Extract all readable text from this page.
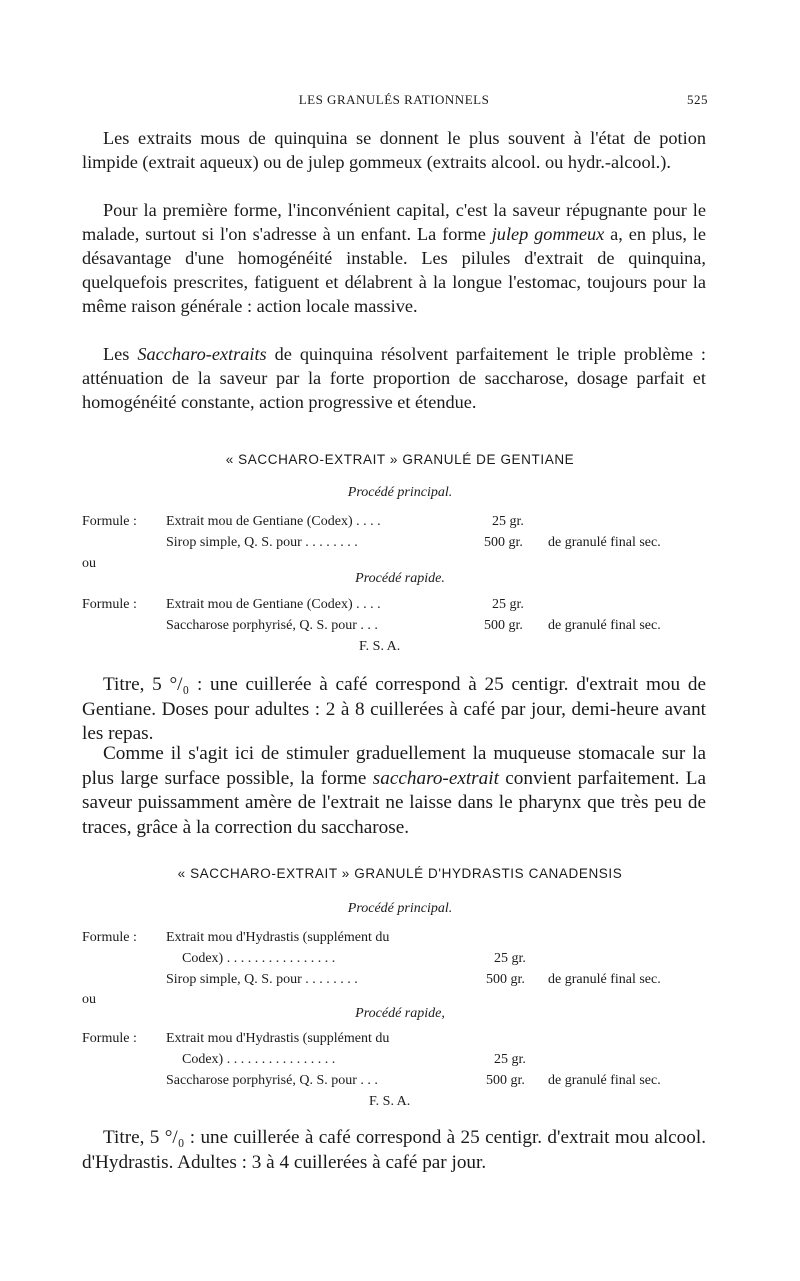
LES GRANULÉS RATIONNELS	525

Les extraits mous de quinquina se donnent le plus souvent à l'état de potion limpide (extrait aqueux) ou de julep gommeux (extraits alcool. ou hydr.-alcool.).

Pour la première forme, l'inconvénient capital, c'est la saveur répugnante pour le malade, surtout si l'on s'adresse à un enfant. La forme julep gommeux a, en plus, le désavantage d'une homogénéité instable. Les pilules d'extrait de quinquina, quelquefois prescrites, fatiguent et délabrent à la longue l'estomac, toujours pour la même raison générale : action locale massive.

Les Saccharo-extraits de quinquina résolvent parfaitement le triple problème : atténuation de la saveur par la forte proportion de saccharose, dosage parfait et homogénéité constante, action progressive et étendue.

« SACCHARO-EXTRAIT » GRANULÉ DE GENTIANE
Procédé principal.
Formule : Extrait mou de Gentiane (Codex) . . . .	25 gr.
Sirop simple, Q. S. pour . . . . . . . .	500 gr. de granulé final sec.
ou
Procédé rapide.
Formule : Extrait mou de Gentiane (Codex) . . . .	25 gr.
Saccharose porphyrisé, Q. S. pour . . .	500 gr. de granulé final sec.
F. S. A.

Titre, 5 °/₀ : une cuillerée à café correspond à 25 centigr. d'extrait mou de Gentiane. Doses pour adultes : 2 à 8 cuillerées à café par jour, demi-heure avant les repas.

Comme il s'agit ici de stimuler graduellement la muqueuse stomacale sur la plus large surface possible, la forme saccharo-extrait convient parfaitement. La saveur puissamment amère de l'extrait ne laisse dans le pharynx que très peu de traces, grâce à la correction du saccharose.

« SACCHARO-EXTRAIT » GRANULÉ D'HYDRASTIS CANADENSIS
Procédé principal.
Formule : Extrait mou d'Hydrastis (supplément du
Codex) . . . . . . . . . . . . . . . .	25 gr.
Sirop simple, Q. S. pour . . . . . . . .	500 gr. de granulé final sec.
ou
Procédé rapide,
Formule : Extrait mou d'Hydrastis (supplément du
Codex) . . . . . . . . . . . . . . . .	25 gr.
Saccharose porphyrisé, Q. S. pour . . .	500 gr. de granulé final sec.
F. S. A.

Titre, 5 °/₀ : une cuillerée à café correspond à 25 centigr. d'extrait mou alcool. d'Hydrastis. Adultes : 3 à 4 cuillerées à café par jour.
